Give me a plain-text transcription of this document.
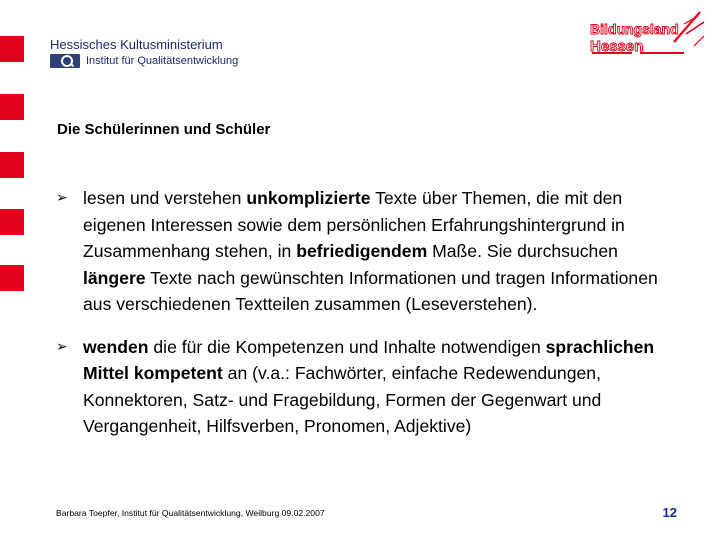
Hessisches Kultusministerium
Institut für Qualitätsentwicklung
Bildungsland
Hessen
Die Schülerinnen und Schüler
➢ lesen und verstehen unkomplizierte Texte über Themen, die mit den eigenen Interessen sowie dem persönlichen Erfahrungshintergrund in Zusammenhang stehen, in befriedigendem Maße. Sie durchsuchen längere Texte nach gewünschten Informationen und tragen Informationen aus verschiedenen Textteilen zusammen (Leseverstehen).
➢ wenden die für die Kompetenzen und Inhalte notwendigen sprachlichen Mittel kompetent an (v.a.: Fachwörter, einfache Redewendungen, Konnektoren, Satz- und Fragebildung, Formen der Gegenwart und Vergangenheit, Hilfsverben, Pronomen, Adjektive)
Barbara Toepfer, Institut für Qualitätsentwicklung, Weilburg 09.02.2007	12
